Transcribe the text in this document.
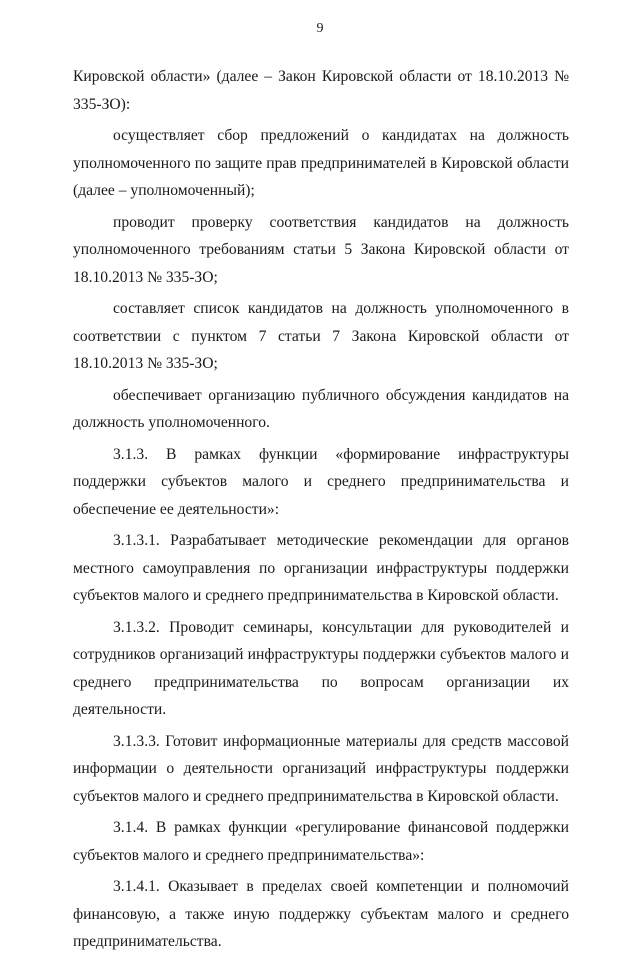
9

Кировской области» (далее – Закон Кировской области от 18.10.2013 № 335-ЗО):

осуществляет сбор предложений о кандидатах на должность уполномоченного по защите прав предпринимателей в Кировской области (далее – уполномоченный);

проводит проверку соответствия кандидатов на должность уполномоченного требованиям статьи 5 Закона Кировской области от 18.10.2013 № 335-ЗО;

составляет список кандидатов на должность уполномоченного в соответствии с пунктом 7 статьи 7 Закона Кировской области от 18.10.2013 № 335-ЗО;

обеспечивает организацию публичного обсуждения кандидатов на должность уполномоченного.

3.1.3. В рамках функции «формирование инфраструктуры поддержки субъектов малого и среднего предпринимательства и обеспечение ее деятельности»:

3.1.3.1. Разрабатывает методические рекомендации для органов местного самоуправления по организации инфраструктуры поддержки субъектов малого и среднего предпринимательства в Кировской области.

3.1.3.2. Проводит семинары, консультации для руководителей и сотрудников организаций инфраструктуры поддержки субъектов малого и среднего предпринимательства по вопросам организации их деятельности.

3.1.3.3. Готовит информационные материалы для средств массовой информации о деятельности организаций инфраструктуры поддержки субъектов малого и среднего предпринимательства в Кировской области.

3.1.4. В рамках функции «регулирование финансовой поддержки субъектов малого и среднего предпринимательства»:

3.1.4.1. Оказывает в пределах своей компетенции и полномочий финансовую, а также иную поддержку субъектам малого и среднего предпринимательства.
